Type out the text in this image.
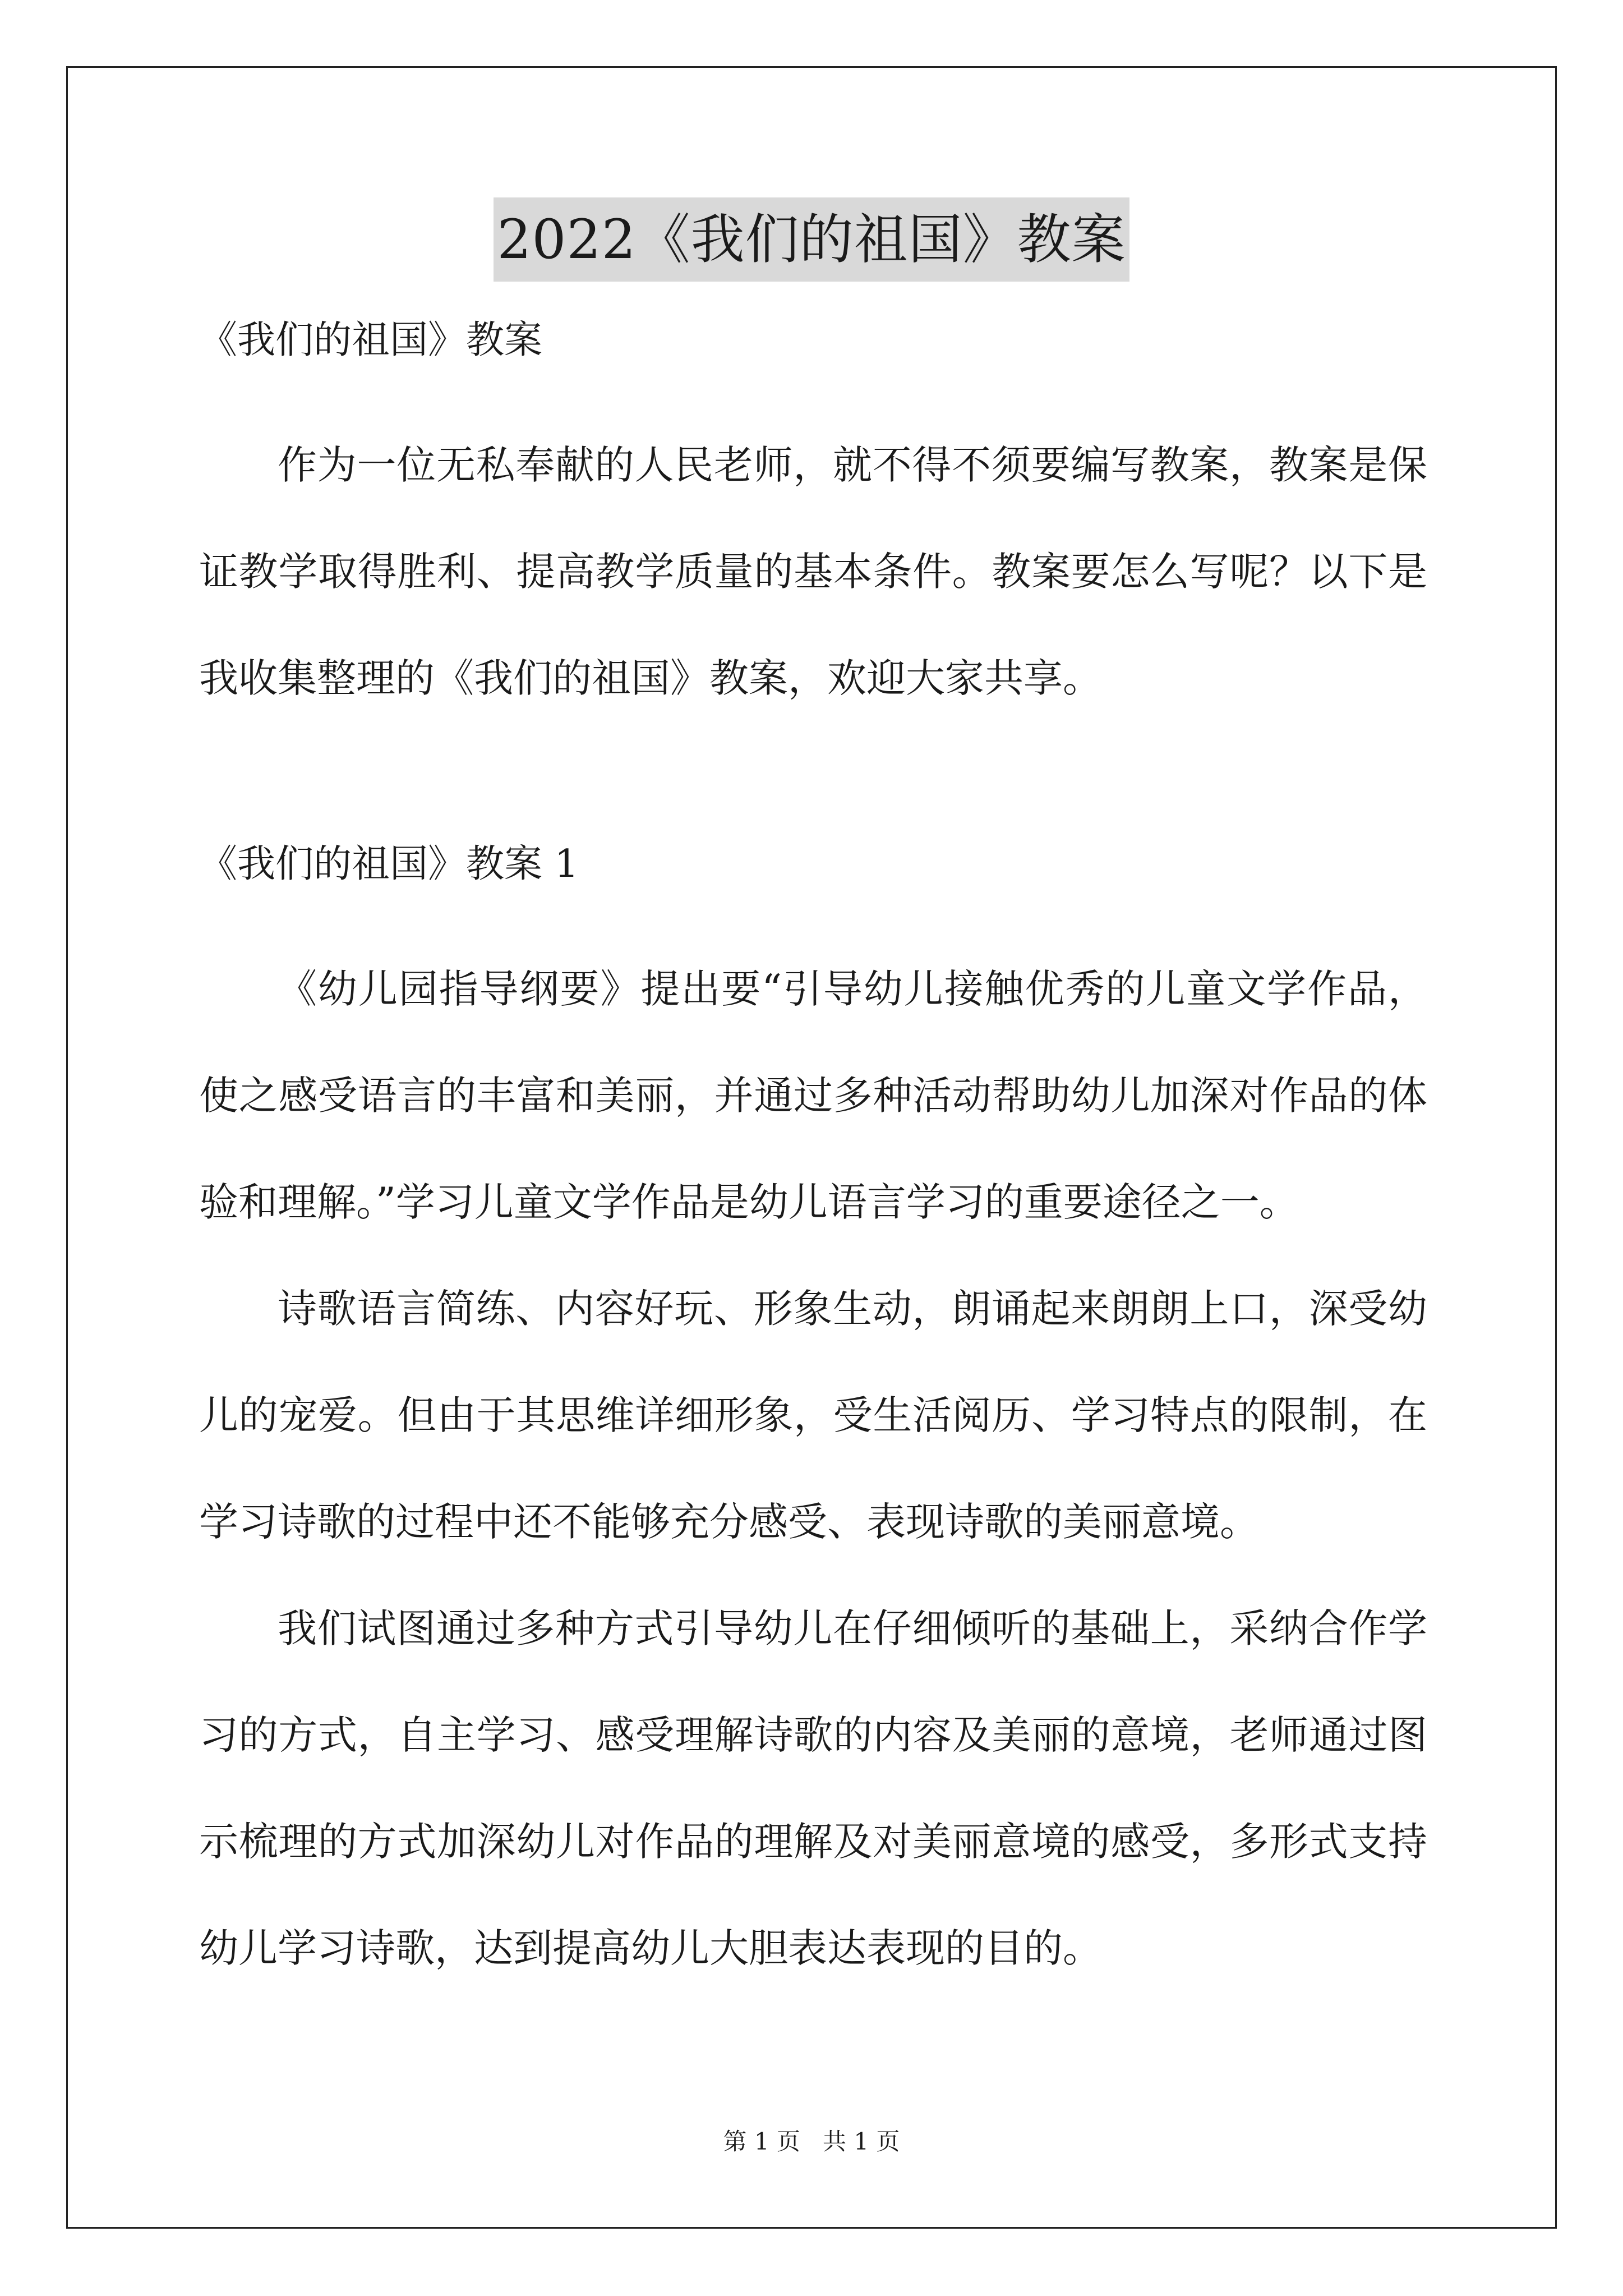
2022《我们的祖国》教案

《我们的祖国》教案

作为一位无私奉献的人民老师，就不得不须要编写教案，教案是保证教学取得胜利、提高教学质量的基本条件。教案要怎么写呢？以下是我收集整理的《我们的祖国》教案，欢迎大家共享。

《我们的祖国》教案 1

《幼儿园指导纲要》提出要“引导幼儿接触优秀的儿童文学作品，使之感受语言的丰富和美丽，并通过多种活动帮助幼儿加深对作品的体验和理解。”学习儿童文学作品是幼儿语言学习的重要途径之一。

诗歌语言简练、内容好玩、形象生动，朗诵起来朗朗上口，深受幼儿的宠爱。但由于其思维详细形象，受生活阅历、学习特点的限制，在学习诗歌的过程中还不能够充分感受、表现诗歌的美丽意境。

我们试图通过多种方式引导幼儿在仔细倾听的基础上，采纳合作学习的方式，自主学习、感受理解诗歌的内容及美丽的意境，老师通过图示梳理的方式加深幼儿对作品的理解及对美丽意境的感受，多形式支持幼儿学习诗歌，达到提高幼儿大胆表达表现的目的。

第 1 页   共 1 页
